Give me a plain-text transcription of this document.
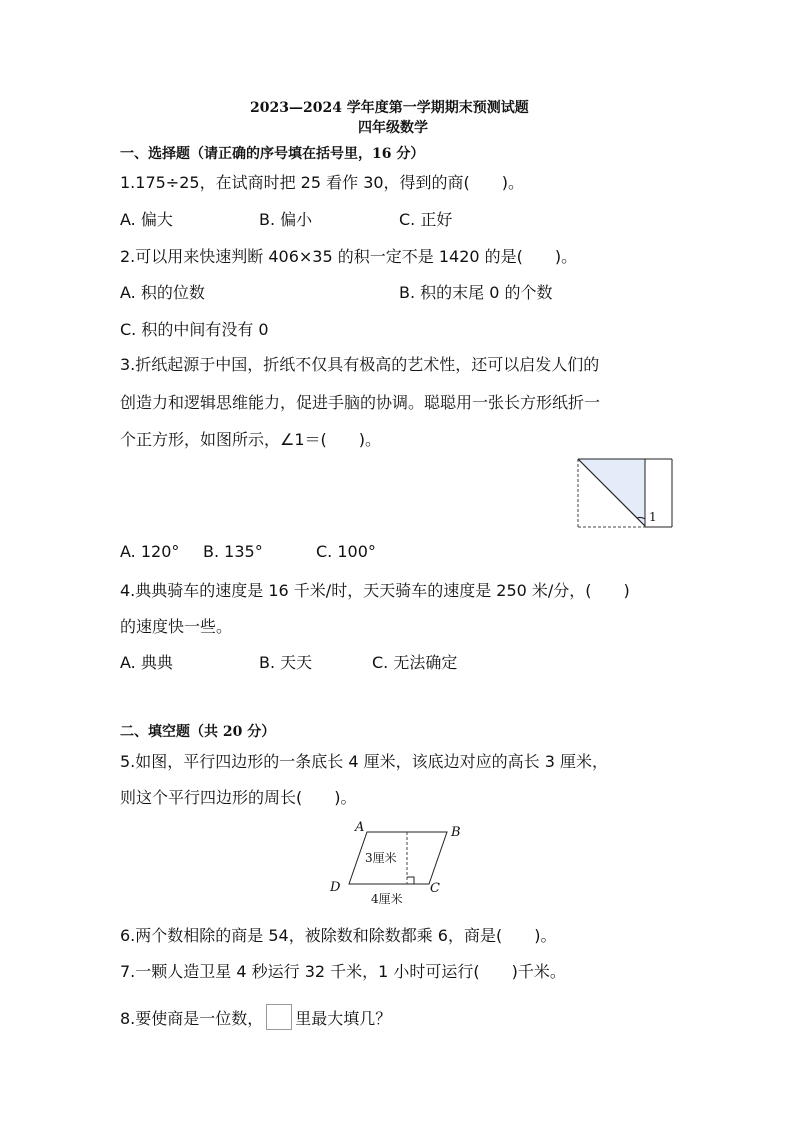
2023—2024 学年度第一学期期末预测试题
四年级数学
一、选择题（请正确的序号填在括号里，16 分）
1.175÷25，在试商时把 25 看作 30，得到的商(　　)。
A. 偏大	B. 偏小	C. 正好
2.可以用来快速判断 406×35 的积一定不是 1420 的是(　　)。
A. 积的位数	B. 积的末尾 0 的个数
C. 积的中间有没有 0
3.折纸起源于中国，折纸不仅具有极高的艺术性，还可以启发人们的
创造力和逻辑思维能力，促进手脑的协调。聪聪用一张长方形纸折一
个正方形，如图所示，∠1＝(　　)。
1
A. 120° B. 135°	C. 100°
4.典典骑车的速度是 16 千米/时，天天骑车的速度是 250 米/分，(　　)
的速度快一些。
A. 典典	B. 天天	C. 无法确定
二、填空题（共 20 分）
5.如图，平行四边形的一条底长 4 厘米，该底边对应的高长 3 厘米，
则这个平行四边形的周长(　　)。
A	B
C
D
3厘米
4厘米
6.两个数相除的商是 54，被除数和除数都乘 6，商是(　　)。
7.一颗人造卫星 4 秒运行 32 千米，1 小时可运行(　　)千米。
8.要使商是一位数， 里最大填几？
